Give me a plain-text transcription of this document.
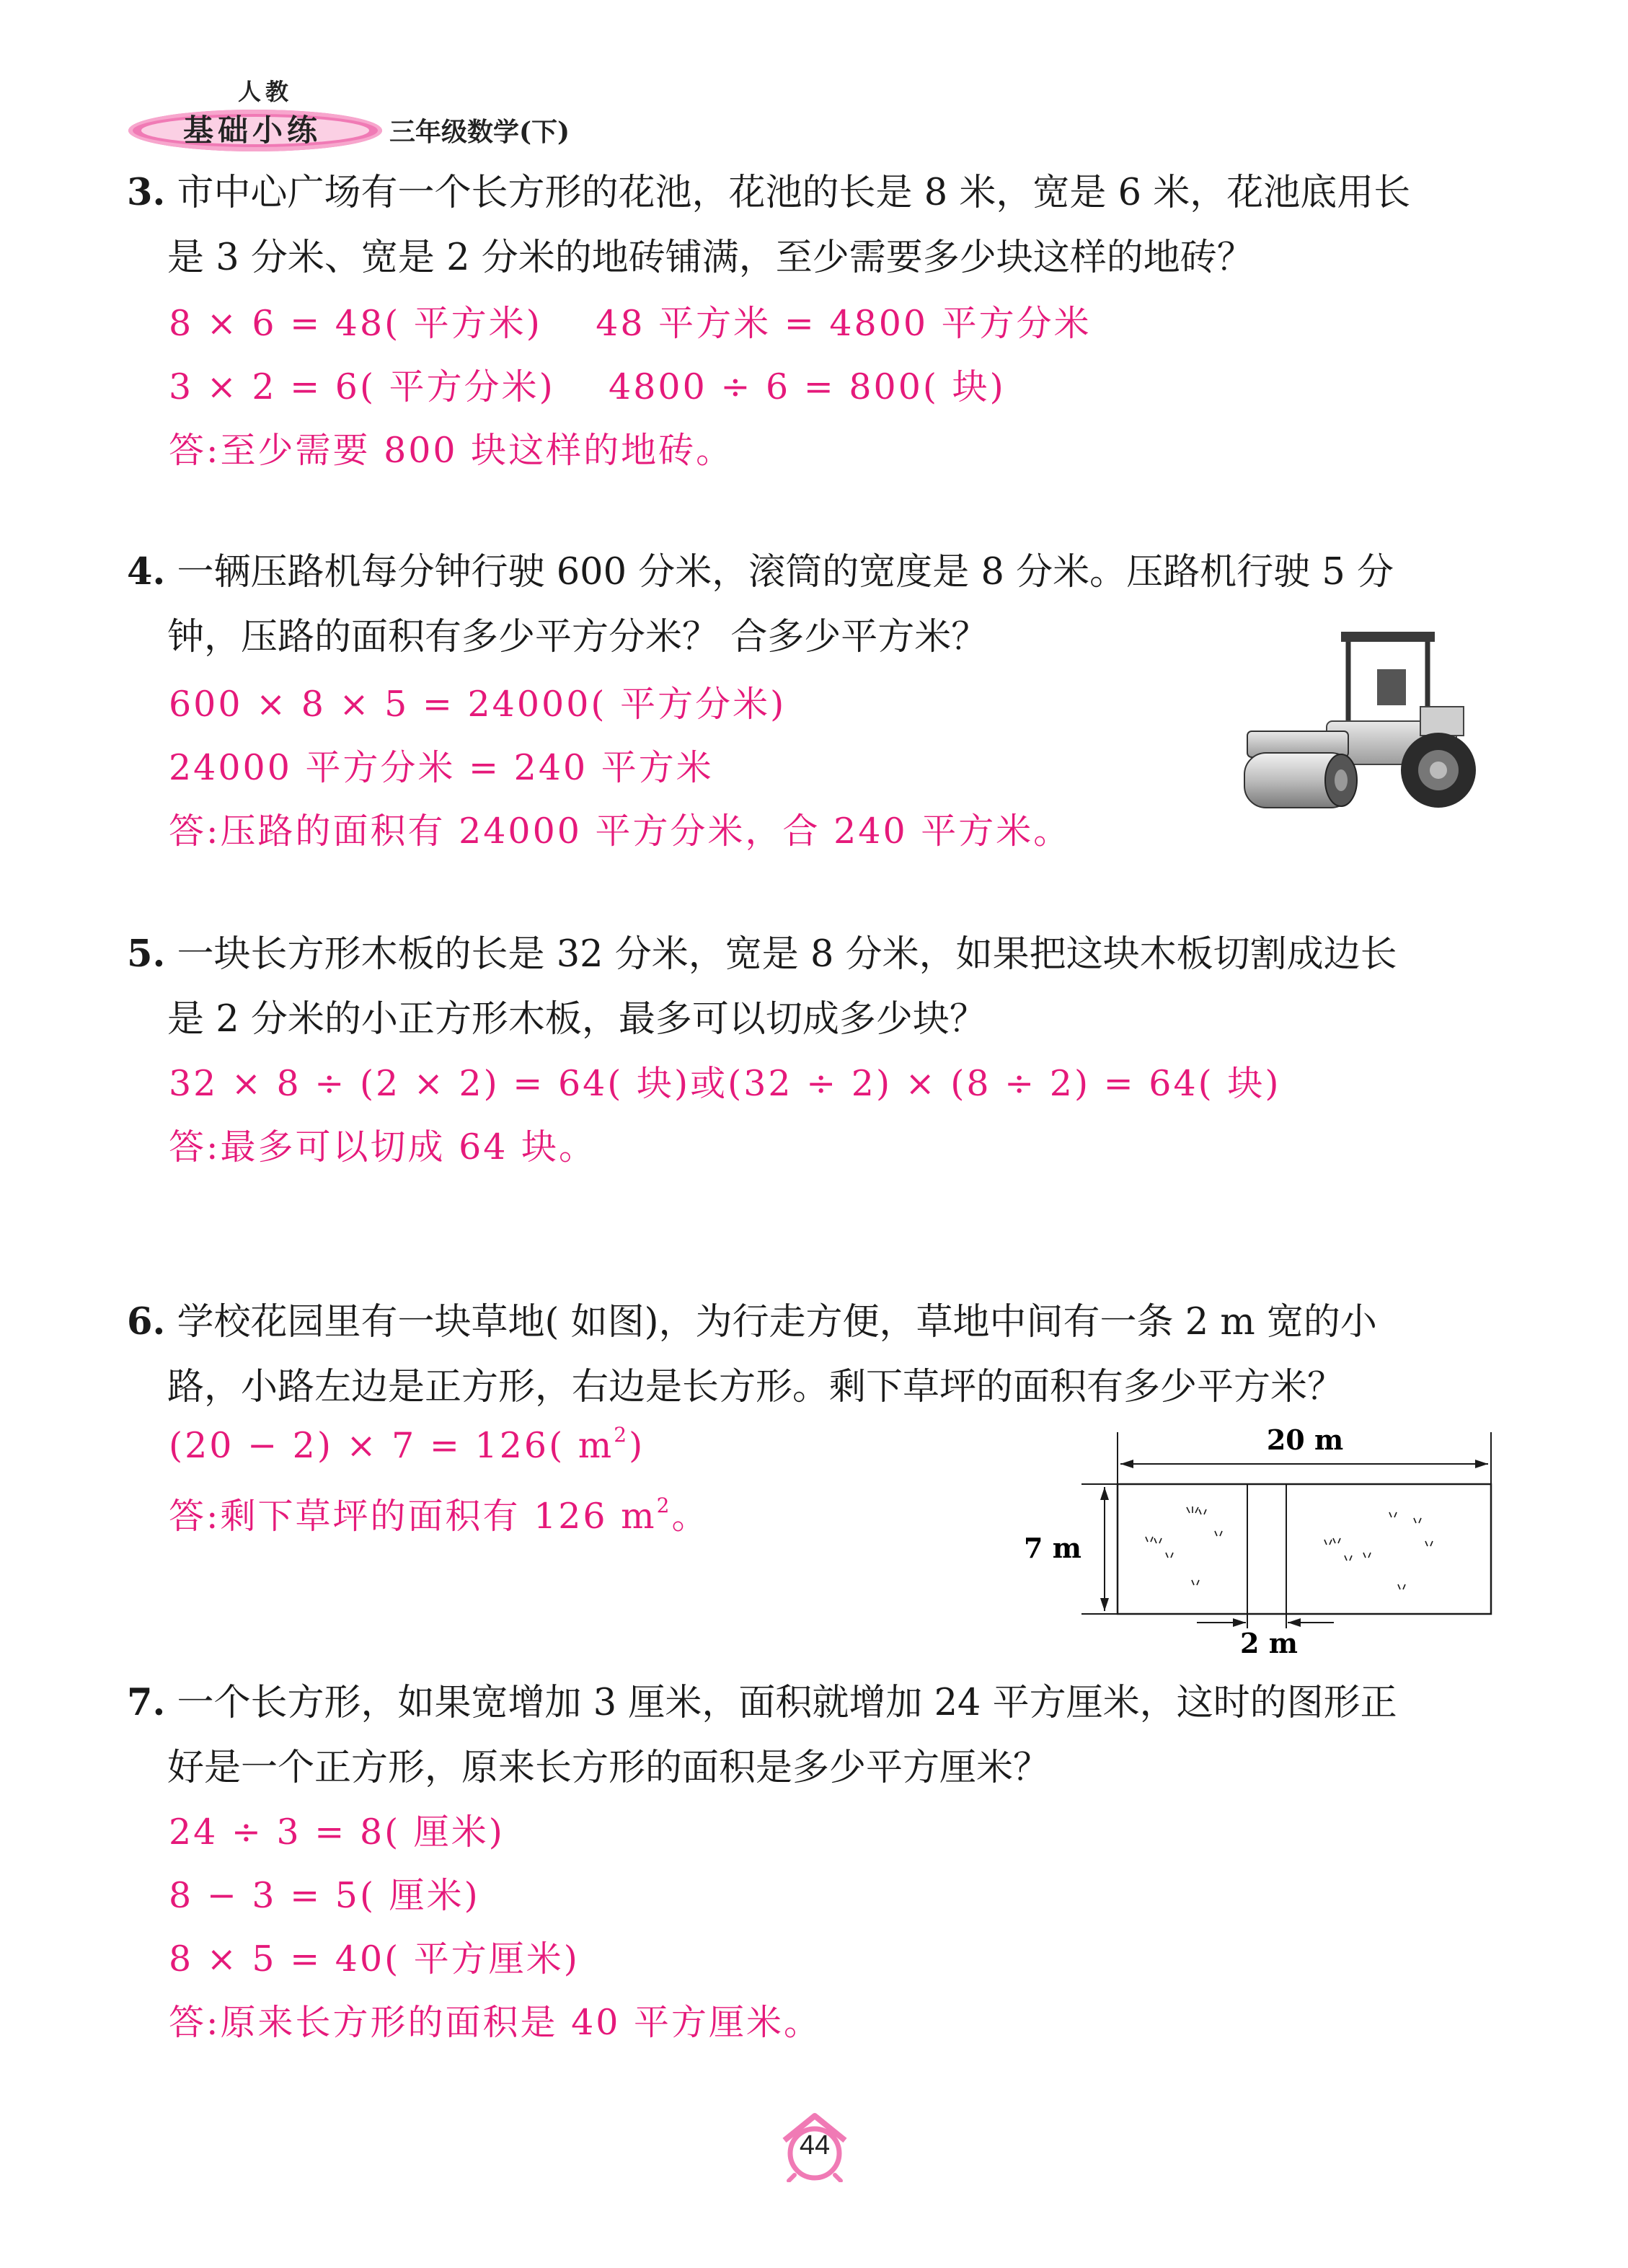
人教
基础小练	三年级数学(下)
3. 市中心广场有一个长方形的花池，花池的长是 8 米，宽是 6 米，花池底用长
是 3 分米、宽是 2 分米的地砖铺满，至少需要多少块这样的地砖？
8 × 6 = 48( 平方米)    48 平方米 = 4800 平方分米
3 × 2 = 6( 平方分米)    4800 ÷ 6 = 800( 块)
答:至少需要 800 块这样的地砖。
4. 一辆压路机每分钟行驶 600 分米，滚筒的宽度是 8 分米。压路机行驶 5 分
钟，压路的面积有多少平方分米？ 合多少平方米？
600 × 8 × 5 = 24000( 平方分米)
24000 平方分米 = 240 平方米
答:压路的面积有 24000 平方分米，合 240 平方米。
5. 一块长方形木板的长是 32 分米，宽是 8 分米，如果把这块木板切割成边长
是 2 分米的小正方形木板，最多可以切成多少块？
32 × 8 ÷ (2 × 2) = 64( 块)或(32 ÷ 2) × (8 ÷ 2) = 64( 块)
答:最多可以切成 64 块。
6. 学校花园里有一块草地( 如图)，为行走方便，草地中间有一条 2 m 宽的小
路，小路左边是正方形，右边是长方形。剩下草坪的面积有多少平方米？
(20 − 2) × 7 = 126( $m^2$)
答:剩下草坪的面积有 126 $m^2$。
20 m
7 m
2 m
7. 一个长方形，如果宽增加 3 厘米，面积就增加 24 平方厘米，这时的图形正
好是一个正方形，原来长方形的面积是多少平方厘米？
24 ÷ 3 = 8( 厘米)
8 − 3 = 5( 厘米)
8 × 5 = 40( 平方厘米)
答:原来长方形的面积是 40 平方厘米。
44
